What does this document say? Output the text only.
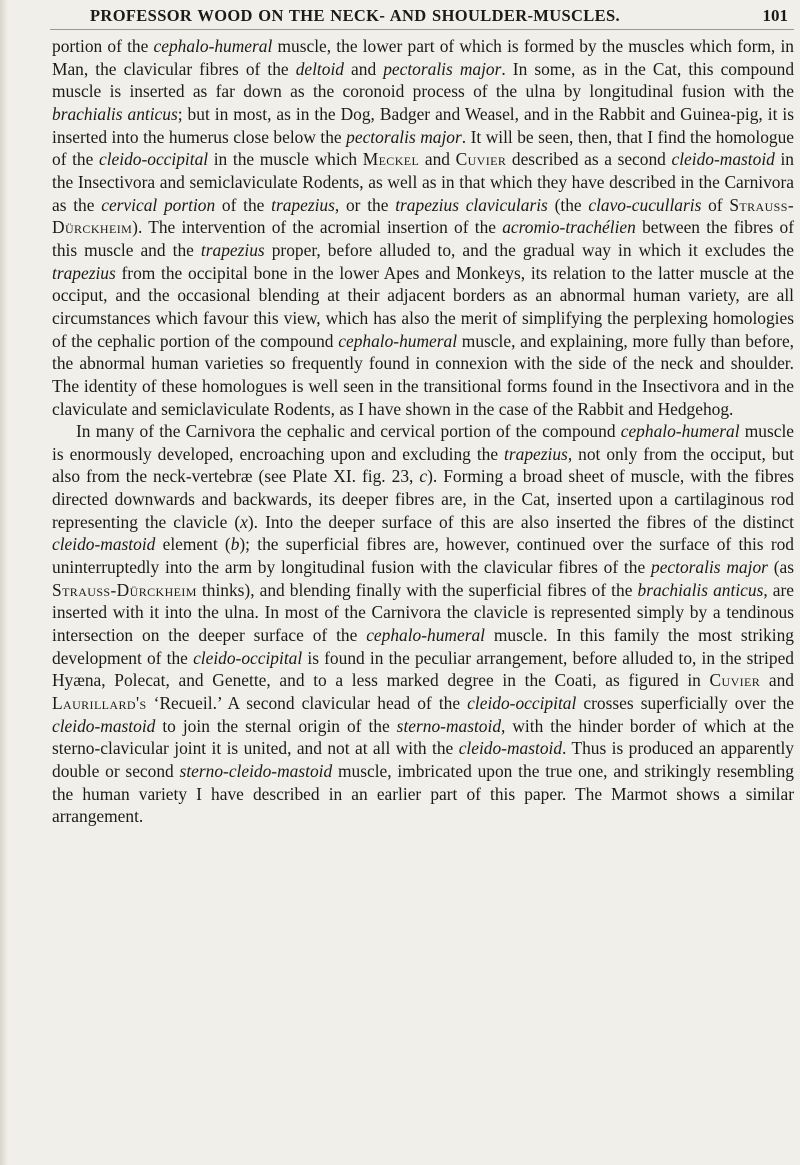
PROFESSOR WOOD ON THE NECK- AND SHOULDER-MUSCLES.	101

portion of the cephalo-humeral muscle, the lower part of which is formed by the muscles which form, in Man, the clavicular fibres of the deltoid and pectoralis major. In some, as in the Cat, this compound muscle is inserted as far down as the coronoid process of the ulna by longitudinal fusion with the brachialis anticus; but in most, as in the Dog, Badger and Weasel, and in the Rabbit and Guinea-pig, it is inserted into the humerus close below the pectoralis major. It will be seen, then, that I find the homologue of the cleido-occipital in the muscle which Meckel and Cuvier described as a second cleido-mastoid in the Insectivora and semiclaviculate Rodents, as well as in that which they have described in the Carnivora as the cervical portion of the trapezius, or the trapezius clavicularis (the clavo-cucullaris of Strauss-Dürckheim). The intervention of the acromial insertion of the acromio-trachélien between the fibres of this muscle and the trapezius proper, before alluded to, and the gradual way in which it excludes the trapezius from the occipital bone in the lower Apes and Monkeys, its relation to the latter muscle at the occiput, and the occasional blending at their adjacent borders as an abnormal human variety, are all circumstances which favour this view, which has also the merit of simplifying the perplexing homologies of the cephalic portion of the compound cephalo-humeral muscle, and explaining, more fully than before, the abnormal human varieties so frequently found in connexion with the side of the neck and shoulder. The identity of these homologues is well seen in the transitional forms found in the Insectivora and in the claviculate and semiclaviculate Rodents, as I have shown in the case of the Rabbit and Hedgehog.

In many of the Carnivora the cephalic and cervical portion of the compound cephalo-humeral muscle is enormously developed, encroaching upon and excluding the trapezius, not only from the occiput, but also from the neck-vertebræ (see Plate XI. fig. 23, c). Forming a broad sheet of muscle, with the fibres directed downwards and backwards, its deeper fibres are, in the Cat, inserted upon a cartilaginous rod representing the clavicle (x). Into the deeper surface of this are also inserted the fibres of the distinct cleido-mastoid element (b); the superficial fibres are, however, continued over the surface of this rod uninterruptedly into the arm by longitudinal fusion with the clavicular fibres of the pectoralis major (as Strauss-Dürckheim thinks), and blending finally with the superficial fibres of the brachialis anticus, are inserted with it into the ulna. In most of the Carnivora the clavicle is represented simply by a tendinous intersection on the deeper surface of the cephalo-humeral muscle. In this family the most striking development of the cleido-occipital is found in the peculiar arrangement, before alluded to, in the striped Hyæna, Polecat, and Genette, and to a less marked degree in the Coati, as figured in Cuvier and Laurillard's ‘Recueil.’ A second clavicular head of the cleido-occipital crosses superficially over the cleido-mastoid to join the sternal origin of the sterno-mastoid, with the hinder border of which at the sterno-clavicular joint it is united, and not at all with the cleido-mastoid. Thus is produced an apparently double or second sterno-cleido-mastoid muscle, imbricated upon the true one, and strikingly resembling the human variety I have described in an earlier part of this paper. The Marmot shows a similar arrangement.
